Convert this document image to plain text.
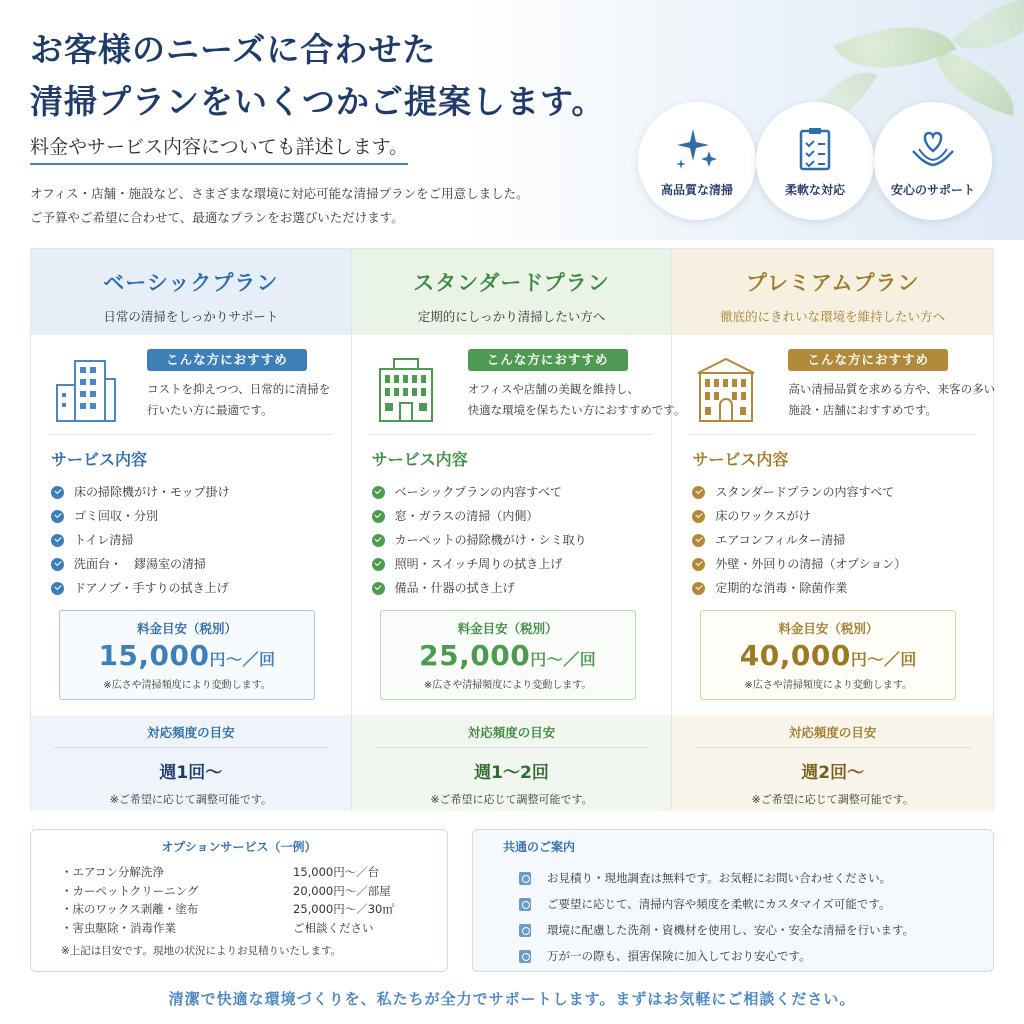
お客様のニーズに合わせた
清掃プランをいくつかご提案します。
料金やサービス内容についても詳述します。
オフィス・店舗・施設など、さまざまな環境に対応可能な清掃プランをご用意しました。
ご予算やご希望に合わせて、最適なプランをお選びいただけます。
高品質な清掃	柔軟な対応	安心のサポート
ベーシックプラン
日常の清掃をしっかりサポート
こんな方におすすめ
コストを抑えつつ、日常的に清掃を
行いたい方に最適です。
サービス内容
床の掃除機がけ・モップ掛け
ゴミ回収・分別
トイレ清掃
洗面台・　鏐湯室の清掃
ドアノブ・手すりの拭き上げ
料金目安（税別）
15,000円〜／回
※広さや清掃頻度により変動します。
対応頻度の目安
週1回〜
※ご希望に応じて調整可能です。
スタンダードプラン
定期的にしっかり清掃したい方へ
こんな方におすすめ
オフィスや店舗の美観を維持し、
快適な環境を保ちたい方におすすめです。
サービス内容
ベーシックプランの内容すべて
窓・ガラスの清掃（内側）
カーペットの掃除機がけ・シミ取り
照明・スイッチ周りの拭き上げ
備品・什器の拭き上げ
料金目安（税別）
25,000円〜／回
※広さや清掃頻度により変動します。
対応頻度の目安
週1〜2回
※ご希望に応じて調整可能です。
プレミアムプラン
徹底的にきれいな環境を維持したい方へ
こんな方におすすめ
高い清掃品質を求める方や、来客の多い
施設・店舗におすすめです。
サービス内容
スタンダードプランの内容すべて
床のワックスがけ
エアコンフィルター清掃
外壁・外回りの清掃（オプション）
定期的な消毒・除菌作業
料金目安（税別）
40,000円〜／回
※広さや清掃頻度により変動します。
対応頻度の目安
週2回〜
※ご希望に応じて調整可能です。
オプションサービス（一例）
・エアコン分解洗浄	15,000円〜／台
・カーペットクリーニング	20,000円〜／部屋
・床のワックス剥離・塗布	25,000円〜／30㎡
・害虫駆除・消毒作業	ご相談ください
※上記は目安です。現地の状況によりお見積りいたします。
共通のご案内
お見積り・現地調査は無料です。お気軽にお問い合わせください。
ご要望に応じて、清掃内容や頻度を柔軟にカスタマイズ可能です。
環境に配慮した洗剤・資機材を使用し、安心・安全な清掃を行います。
万が一の際も、損害保険に加入しており安心です。
清潔で快適な環境づくりを、私たちが全力でサポートします。まずはお気軽にご相談ください。
